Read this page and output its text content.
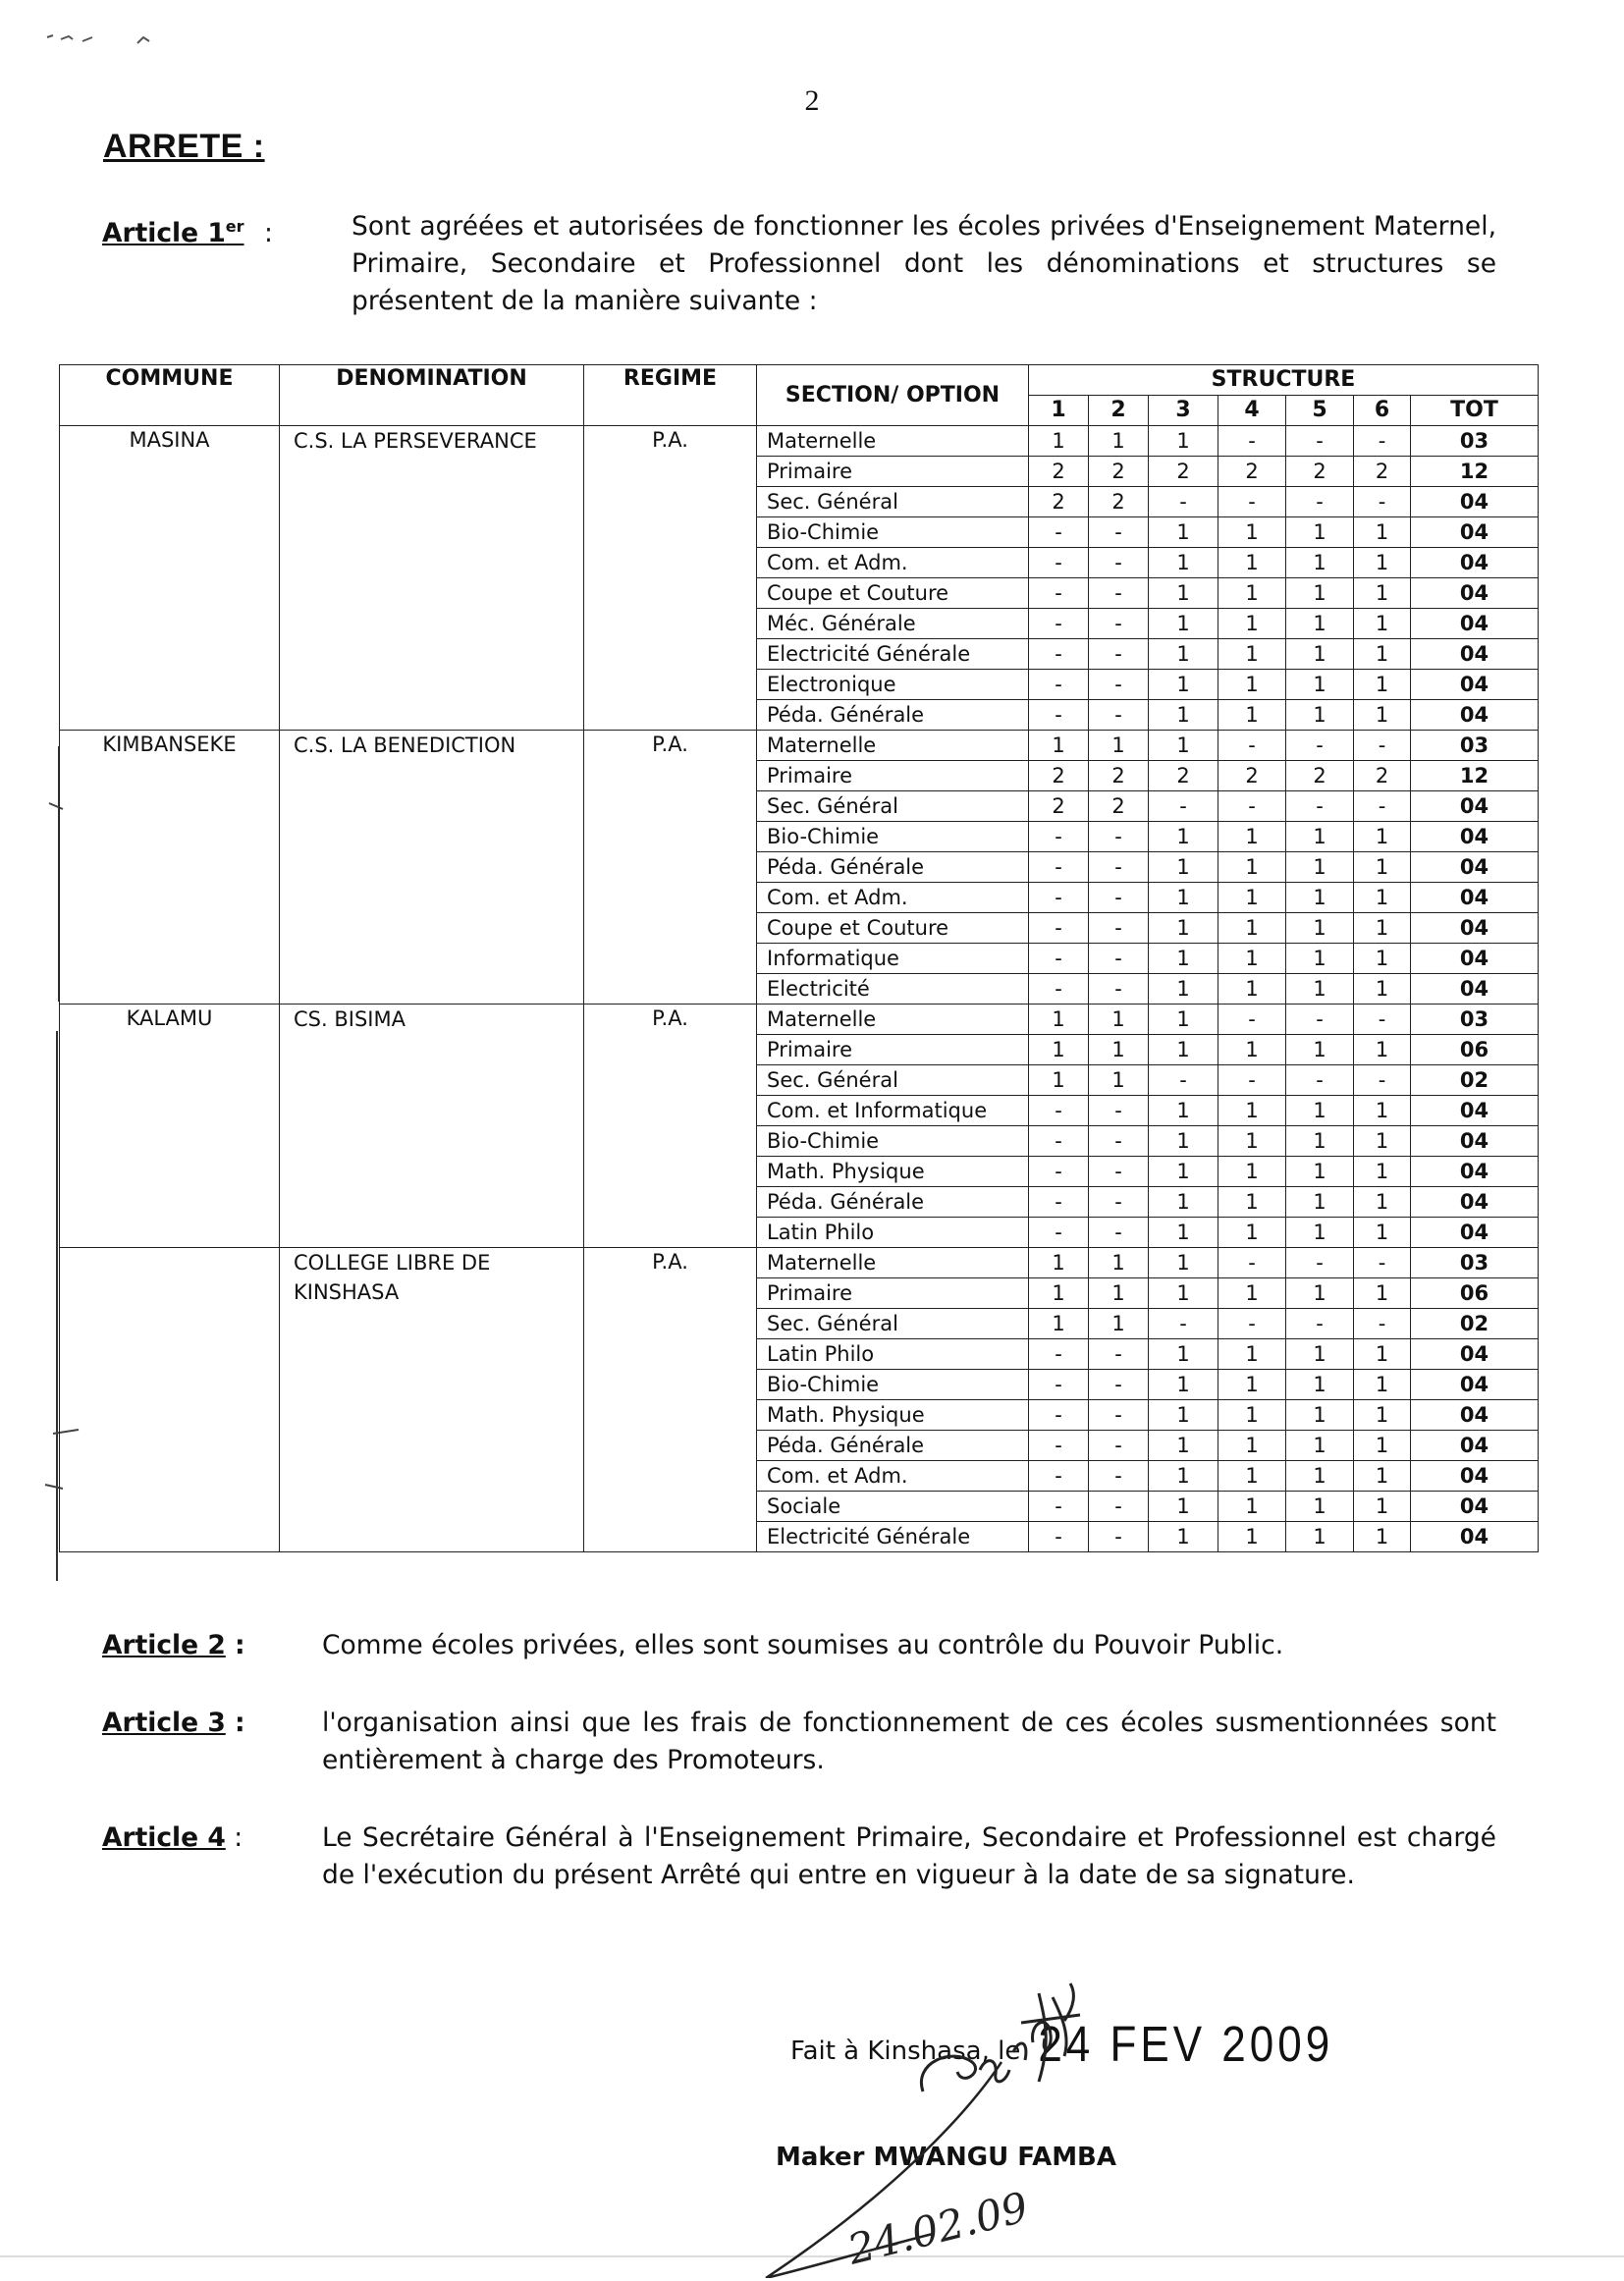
2
ARRETE :
Article 1er :	Sont agréées et autorisées de fonctionner les écoles privées d'Enseignement Maternel, Primaire, Secondaire et Professionnel dont les dénominations et structures se présentent de la manière suivante :
COMMUNE	DENOMINATION	REGIME	SECTION/ OPTION	STRUCTURE						
				1	2	3	4	5	6	TOT
MASINA	C.S. LA PERSEVERANCE	P.A.	Maternelle	1	1	1	-	-	-	03
			Primaire	2	2	2	2	2	2	12
			Sec. Général	2	2	-	-	-	-	04
			Bio-Chimie	-	-	1	1	1	1	04
			Com. et Adm.	-	-	1	1	1	1	04
			Coupe et Couture	-	-	1	1	1	1	04
			Méc. Générale	-	-	1	1	1	1	04
			Electricité Générale	-	-	1	1	1	1	04
			Electronique	-	-	1	1	1	1	04
			Péda. Générale	-	-	1	1	1	1	04
KIMBANSEKE	C.S. LA BENEDICTION	P.A.	Maternelle	1	1	1	-	-	-	03
			Primaire	2	2	2	2	2	2	12
			Sec. Général	2	2	-	-	-	-	04
			Bio-Chimie	-	-	1	1	1	1	04
			Péda. Générale	-	-	1	1	1	1	04
			Com. et Adm.	-	-	1	1	1	1	04
			Coupe et Couture	-	-	1	1	1	1	04
			Informatique	-	-	1	1	1	1	04
			Electricité	-	-	1	1	1	1	04
KALAMU	CS. BISIMA	P.A.	Maternelle	1	1	1	-	-	-	03
			Primaire	1	1	1	1	1	1	06
			Sec. Général	1	1	-	-	-	-	02
			Com. et Informatique	-	-	1	1	1	1	04
			Bio-Chimie	-	-	1	1	1	1	04
			Math. Physique	-	-	1	1	1	1	04
			Péda. Générale	-	-	1	1	1	1	04
			Latin Philo	-	-	1	1	1	1	04
	COLLEGE LIBRE DE KINSHASA	P.A.	Maternelle	1	1	1	-	-	-	03
			Primaire	1	1	1	1	1	1	06
			Sec. Général	1	1	-	-	-	-	02
			Latin Philo	-	-	1	1	1	1	04
			Bio-Chimie	-	-	1	1	1	1	04
			Math. Physique	-	-	1	1	1	1	04
			Péda. Générale	-	-	1	1	1	1	04
			Com. et Adm.	-	-	1	1	1	1	04
			Sociale	-	-	1	1	1	1	04
			Electricité Générale	-	-	1	1	1	1	04
Article 2 :	Comme écoles privées, elles sont soumises au contrôle du Pouvoir Public.
Article 3 :	l'organisation ainsi que les frais de fonctionnement de ces écoles susmentionnées sont entièrement à charge des Promoteurs.
Article 4 :	Le Secrétaire Général à l'Enseignement Primaire, Secondaire et Professionnel est chargé de l'exécution du présent Arrêté qui entre en vigueur à la date de sa signature.
Fait à Kinshasa, le 24 FEV 2009
Maker MWANGU FAMBA
24.02.09
